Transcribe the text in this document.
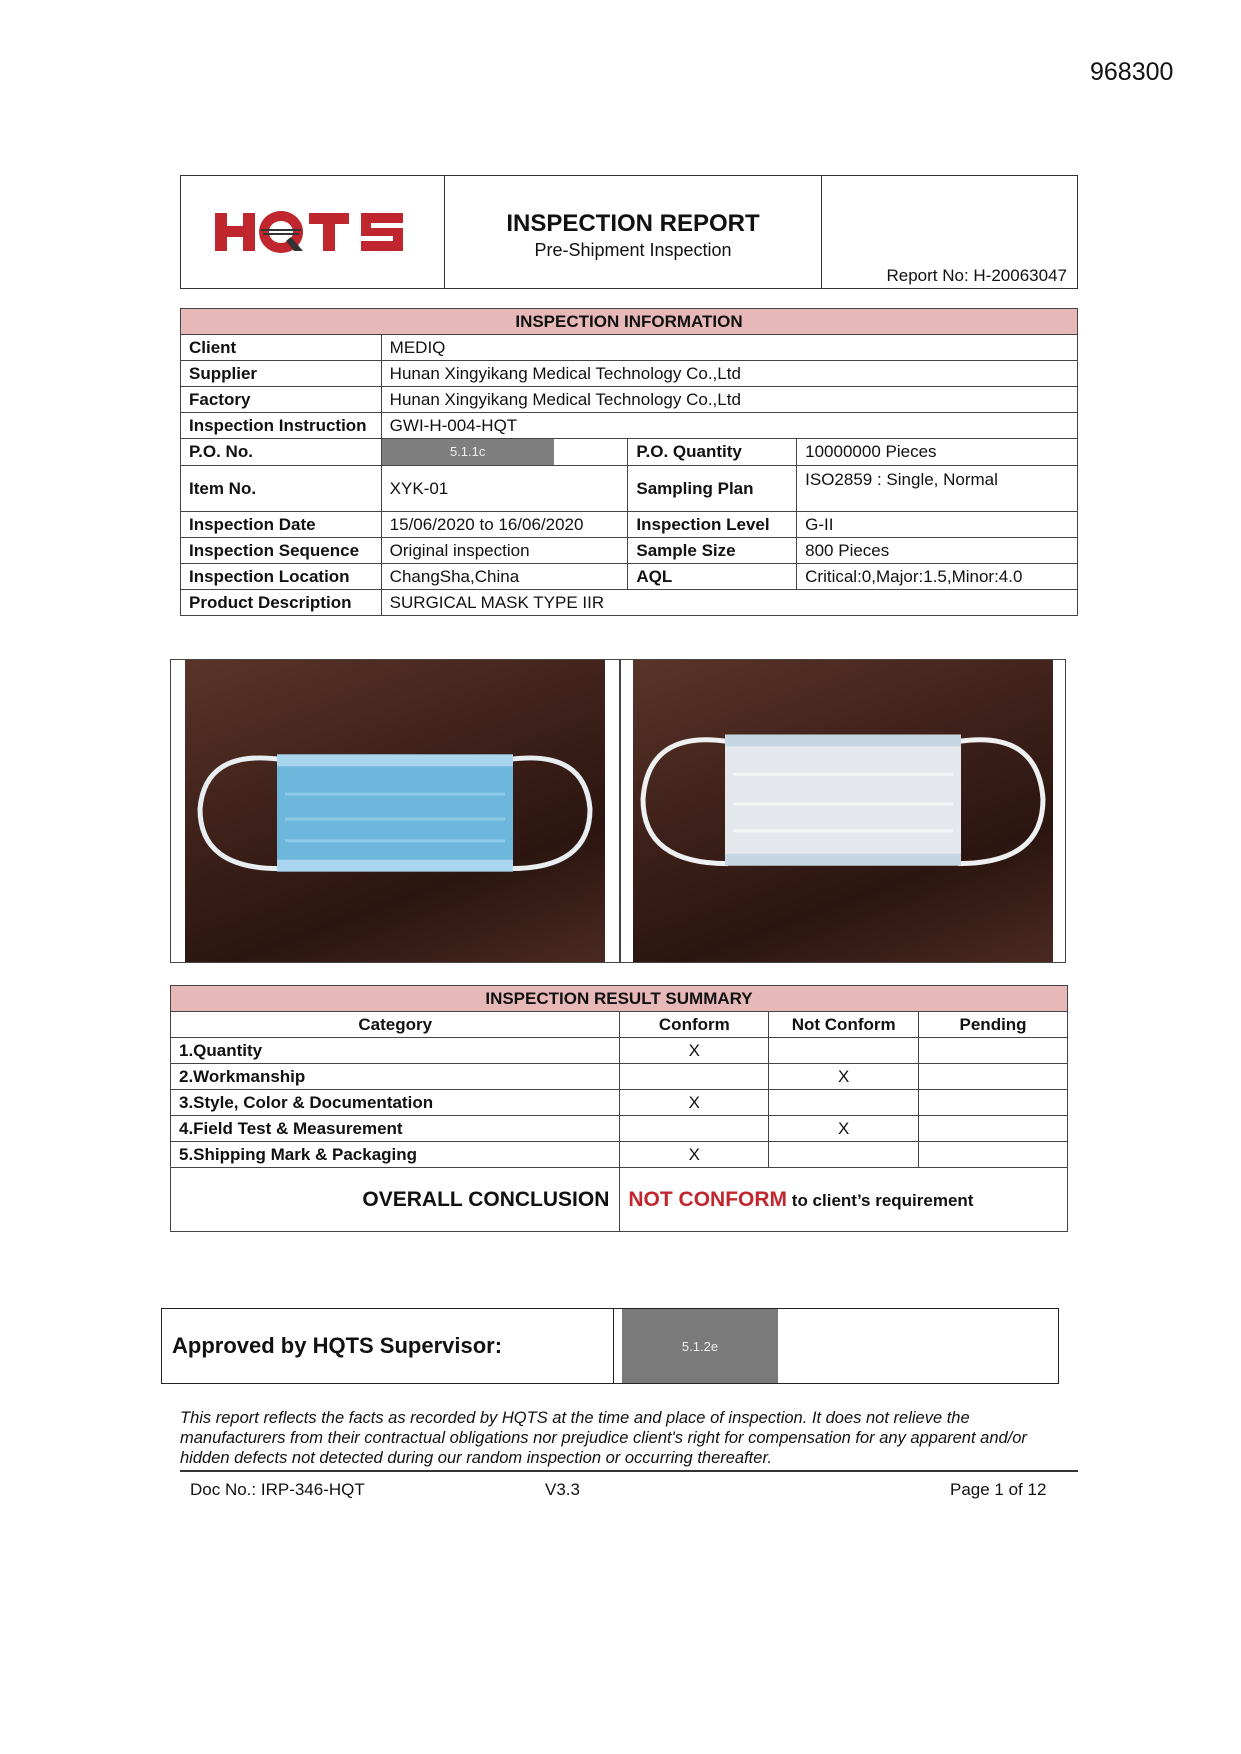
968300
INSPECTION REPORT
Pre-Shipment Inspection
Report No: H-20063047
INSPECTION INFORMATION			
Client	MEDIQ		
Supplier	Hunan Xingyikang Medical Technology Co.,Ltd		
Factory	Hunan Xingyikang Medical Technology Co.,Ltd		
Inspection Instruction	GWI-H-004-HQT		
P.O. No.	5.1.1c	P.O. Quantity	10000000 Pieces
Item No.	XYK-01	Sampling Plan	ISO2859 : Single, Normal
Inspection Date	15/06/2020 to 16/06/2020	Inspection Level	G-II
Inspection Sequence	Original inspection	Sample Size	800 Pieces
Inspection Location	ChangSha,China	AQL	Critical:0,Major:1.5,Minor:4.0
Product Description	SURGICAL MASK TYPE IIR		
INSPECTION RESULT SUMMARY			
Category	Conform	Not Conform	Pending
1.Quantity	X		
2.Workmanship		X	
3.Style, Color & Documentation	X		
4.Field Test & Measurement		X	
5.Shipping Mark & Packaging	X		
OVERALL CONCLUSION	NOT CONFORM to client’s requirement		
Approved by HQTS Supervisor:	5.1.2e
This report reflects the facts as recorded by HQTS at the time and place of inspection. It does not relieve the manufacturers from their contractual obligations nor prejudice client's right for compensation for any apparent and/or hidden defects not detected during our random inspection or occurring thereafter.
Doc No.: IRP-346-HQT	V3.3	Page 1 of 12
